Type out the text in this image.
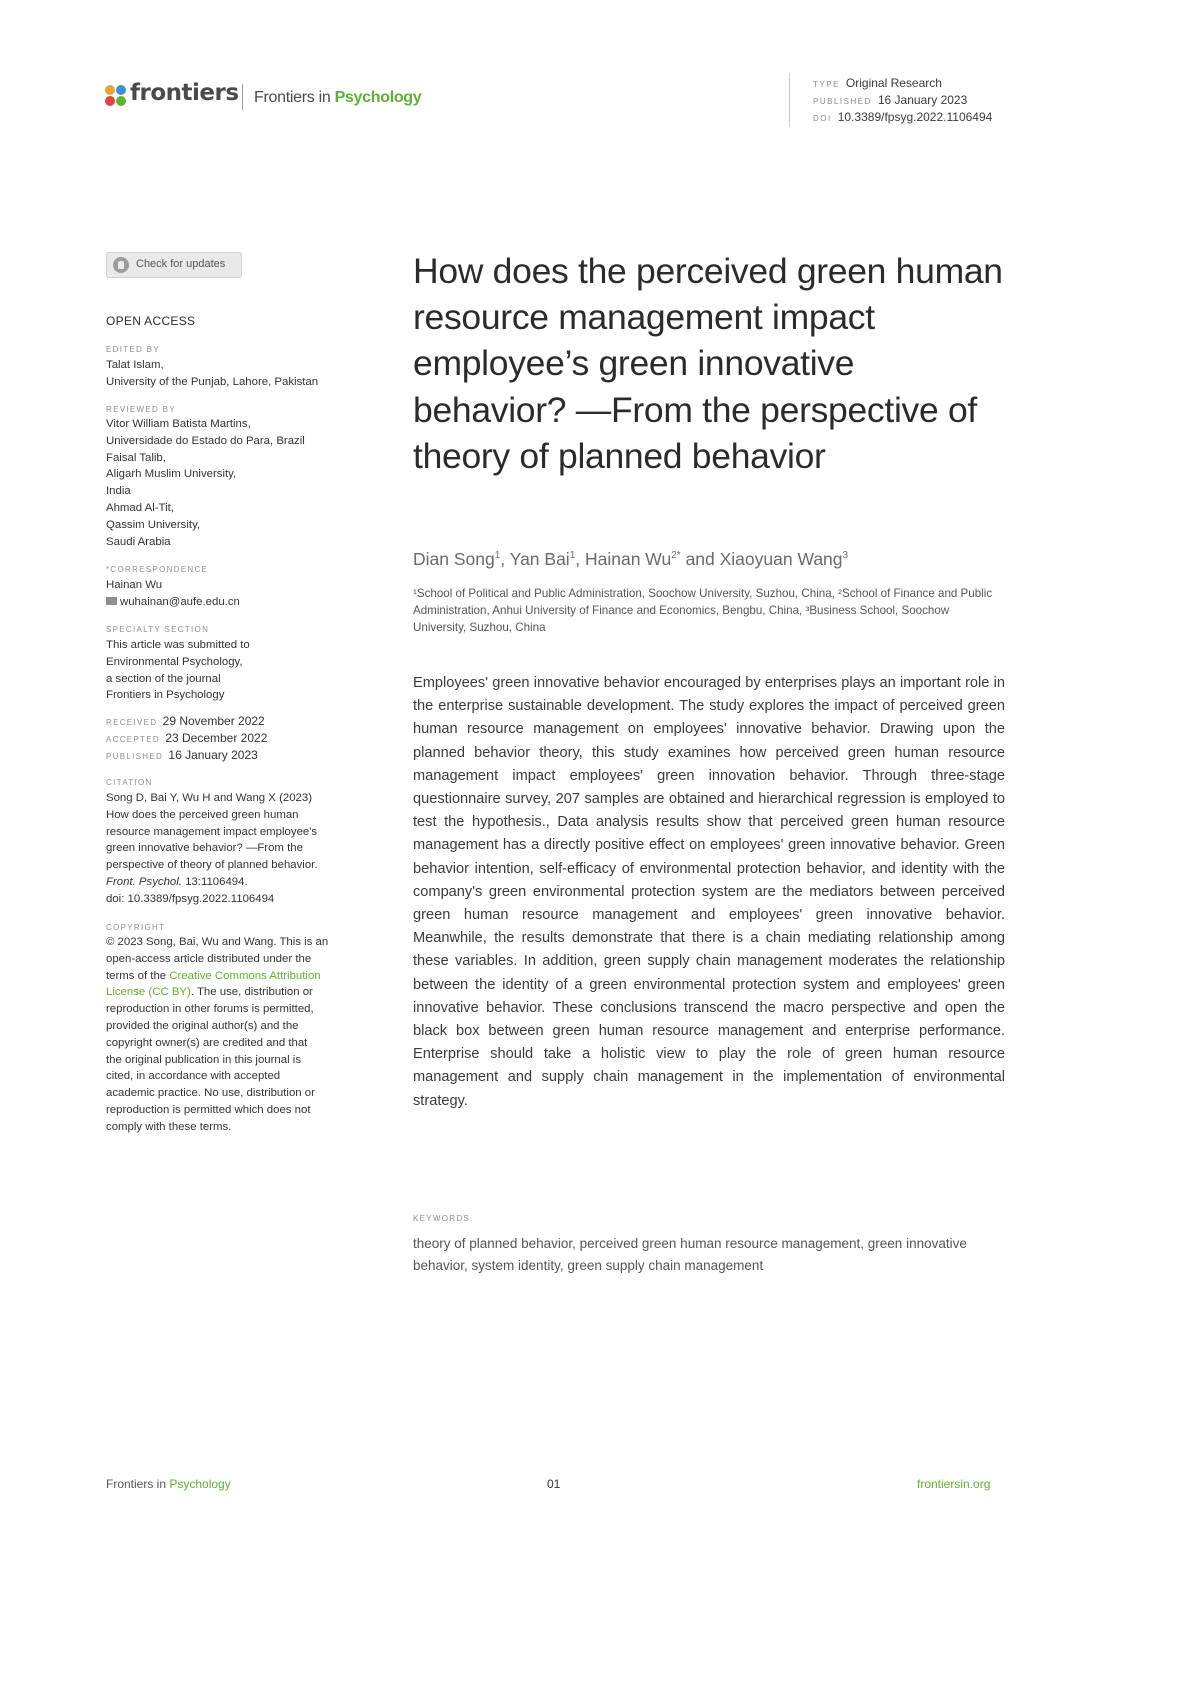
frontiers Frontiers in Psychology
TYPE Original Research
PUBLISHED 16 January 2023
DOI 10.3389/fpsyg.2022.1106494
Check for updates
OPEN ACCESS
EDITED BY
Talat Islam,
University of the Punjab, Lahore, Pakistan
REVIEWED BY
Vitor William Batista Martins,
Universidade do Estado do Para, Brazil
Faisal Talib,
Aligarh Muslim University,
India
Ahmad Al-Tit,
Qassim University,
Saudi Arabia
*CORRESPONDENCE
Hainan Wu
wuhainan@aufe.edu.cn
SPECIALTY SECTION
This article was submitted to
Environmental Psychology,
a section of the journal
Frontiers in Psychology
RECEIVED 29 November 2022
ACCEPTED 23 December 2022
PUBLISHED 16 January 2023
CITATION
Song D, Bai Y, Wu H and Wang X (2023)
How does the perceived green human
resource management impact employee's
green innovative behavior? —From the
perspective of theory of planned behavior.
Front. Psychol. 13:1106494.
doi: 10.3389/fpsyg.2022.1106494
COPYRIGHT
© 2023 Song, Bai, Wu and Wang. This is an
open-access article distributed under the
terms of the Creative Commons Attribution
License (CC BY). The use, distribution or
reproduction in other forums is permitted,
provided the original author(s) and the
copyright owner(s) are credited and that
the original publication in this journal is
cited, in accordance with accepted
academic practice. No use, distribution or
reproduction is permitted which does not
comply with these terms.
How does the perceived green human resource management impact employee’s green innovative behavior? —From the perspective of theory of planned behavior
Dian Song$^1$, Yan Bai$^1$, Hainan $Wu^{2*}$ and Xiaoyuan Wang$^3$
¹School of Political and Public Administration, Soochow University, Suzhou, China, ²School of Finance and Public Administration, Anhui University of Finance and Economics, Bengbu, China, ³Business School, Soochow University, Suzhou, China
Employees' green innovative behavior encouraged by enterprises plays an important role in the enterprise sustainable development. The study explores the impact of perceived green human resource management on employees' innovative behavior. Drawing upon the planned behavior theory, this study examines how perceived green human resource management impact employees' green innovation behavior. Through three-stage questionnaire survey, 207 samples are obtained and hierarchical regression is employed to test the hypothesis., Data analysis results show that perceived green human resource management has a directly positive effect on employees' green innovative behavior. Green behavior intention, self-efficacy of environmental protection behavior, and identity with the company's green environmental protection system are the mediators between perceived green human resource management and employees' green innovative behavior. Meanwhile, the results demonstrate that there is a chain mediating relationship among these variables. In addition, green supply chain management moderates the relationship between the identity of a green environmental protection system and employees' green innovative behavior. These conclusions transcend the macro perspective and open the black box between green human resource management and enterprise performance. Enterprise should take a holistic view to play the role of green human resource management and supply chain management in the implementation of environmental strategy.
KEYWORDS
theory of planned behavior, perceived green human resource management, green innovative behavior, system identity, green supply chain management
Frontiers in Psychology	01	frontiersin.org
